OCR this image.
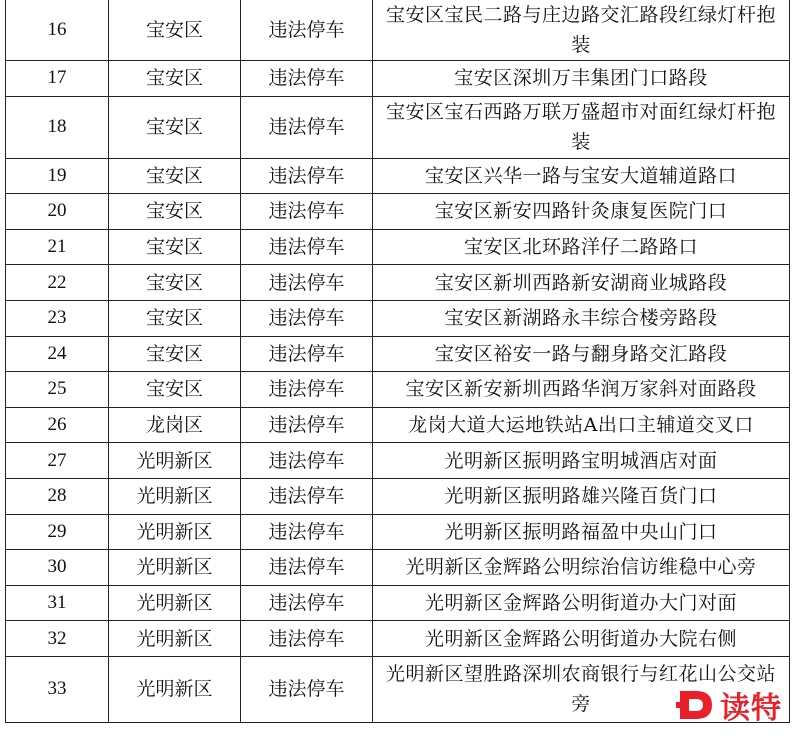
16	宝安区	违法停车	宝安区宝民二路与庄边路交汇路段红绿灯杆抱装
17	宝安区	违法停车	宝安区深圳万丰集团门口路段
18	宝安区	违法停车	宝安区宝石西路万联万盛超市对面红绿灯杆抱装
19	宝安区	违法停车	宝安区兴华一路与宝安大道辅道路口
20	宝安区	违法停车	宝安区新安四路针灸康复医院门口
21	宝安区	违法停车	宝安区北环路洋仔二路路口
22	宝安区	违法停车	宝安区新圳西路新安湖商业城路段
23	宝安区	违法停车	宝安区新湖路永丰综合楼旁路段
24	宝安区	违法停车	宝安区裕安一路与翻身路交汇路段
25	宝安区	违法停车	宝安区新安新圳西路华润万家斜对面路段
26	龙岗区	违法停车	龙岗大道大运地铁站A出口主辅道交叉口
27	光明新区	违法停车	光明新区振明路宝明城酒店对面
28	光明新区	违法停车	光明新区振明路雄兴隆百货门口
29	光明新区	违法停车	光明新区振明路福盈中央山门口
30	光明新区	违法停车	光明新区金辉路公明综治信访维稳中心旁
31	光明新区	违法停车	光明新区金辉路公明街道办大门对面
32	光明新区	违法停车	光明新区金辉路公明街道办大院右侧
33	光明新区	违法停车	光明新区望胜路深圳农商银行与红花山公交站旁	读特
